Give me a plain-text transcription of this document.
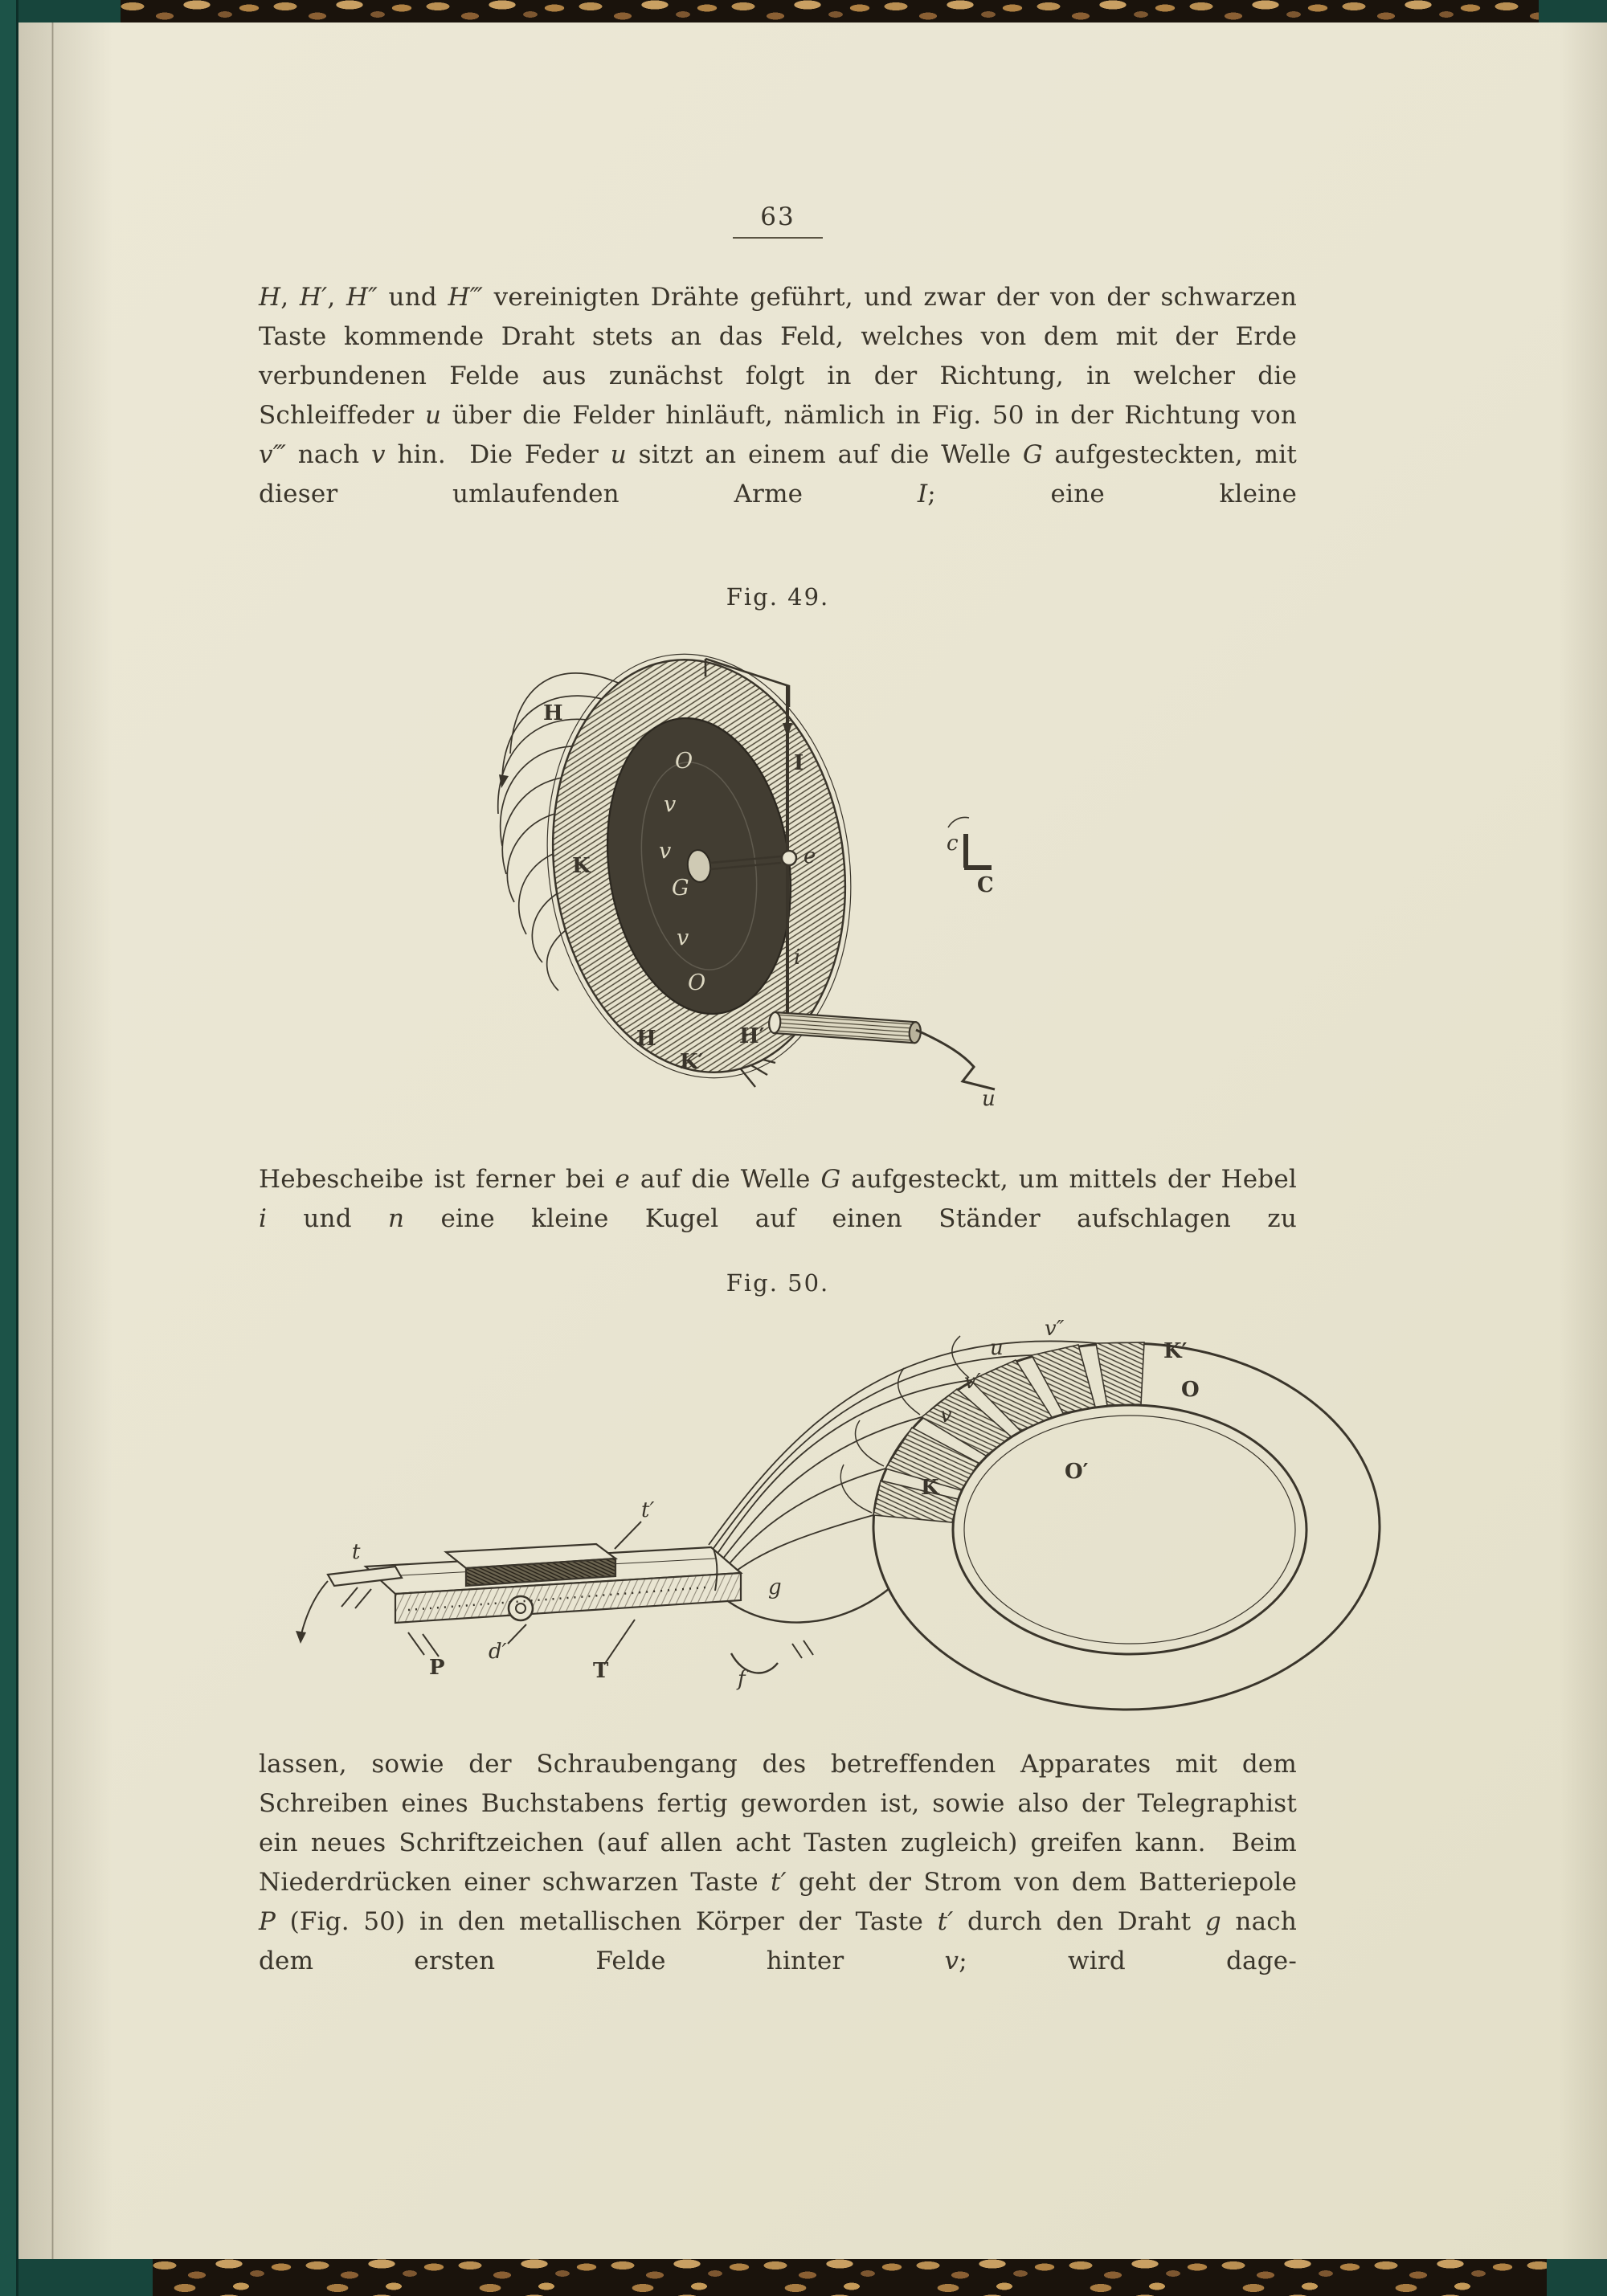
63
H, H′, H″ und H‴ vereinigten Drähte geführt, und zwar der von der schwarzen Taste kommende Draht stets an das Feld, welches von dem mit der Erde verbundenen Felde aus zunächst folgt in der Richtung, in welcher die Schleiffeder u über die Felder hinläuft, nämlich in Fig. 50 in der Richtung von v‴ nach v hin.  Die Feder u sitzt an einem auf die Welle G aufgesteckten, mit dieser umlaufenden Arme I; eine kleine
Fig. 49.
O
v
v
G
v
O
H
K
I
e
i
c
C
H
K′
H′
u
Hebescheibe ist ferner bei e auf die Welle G aufgesteckt, um mittels der Hebel i und n eine kleine Kugel auf einen Ständer aufschlagen zu
Fig. 50.
v″
u
v′
v
K
K′
O
O′
t′
t
g
P
d′
T	f
lassen, sowie der Schraubengang des betreffenden Apparates mit dem Schreiben eines Buchstabens fertig geworden ist, sowie also der Telegraphist ein neues Schriftzeichen (auf allen acht Tasten zugleich) greifen kann.  Beim Niederdrücken einer schwarzen Taste t′ geht der Strom von dem Batteriepole P (Fig. 50) in den metallischen Körper der Taste t′ durch den Draht g nach dem ersten Felde hinter v; wird dage-
